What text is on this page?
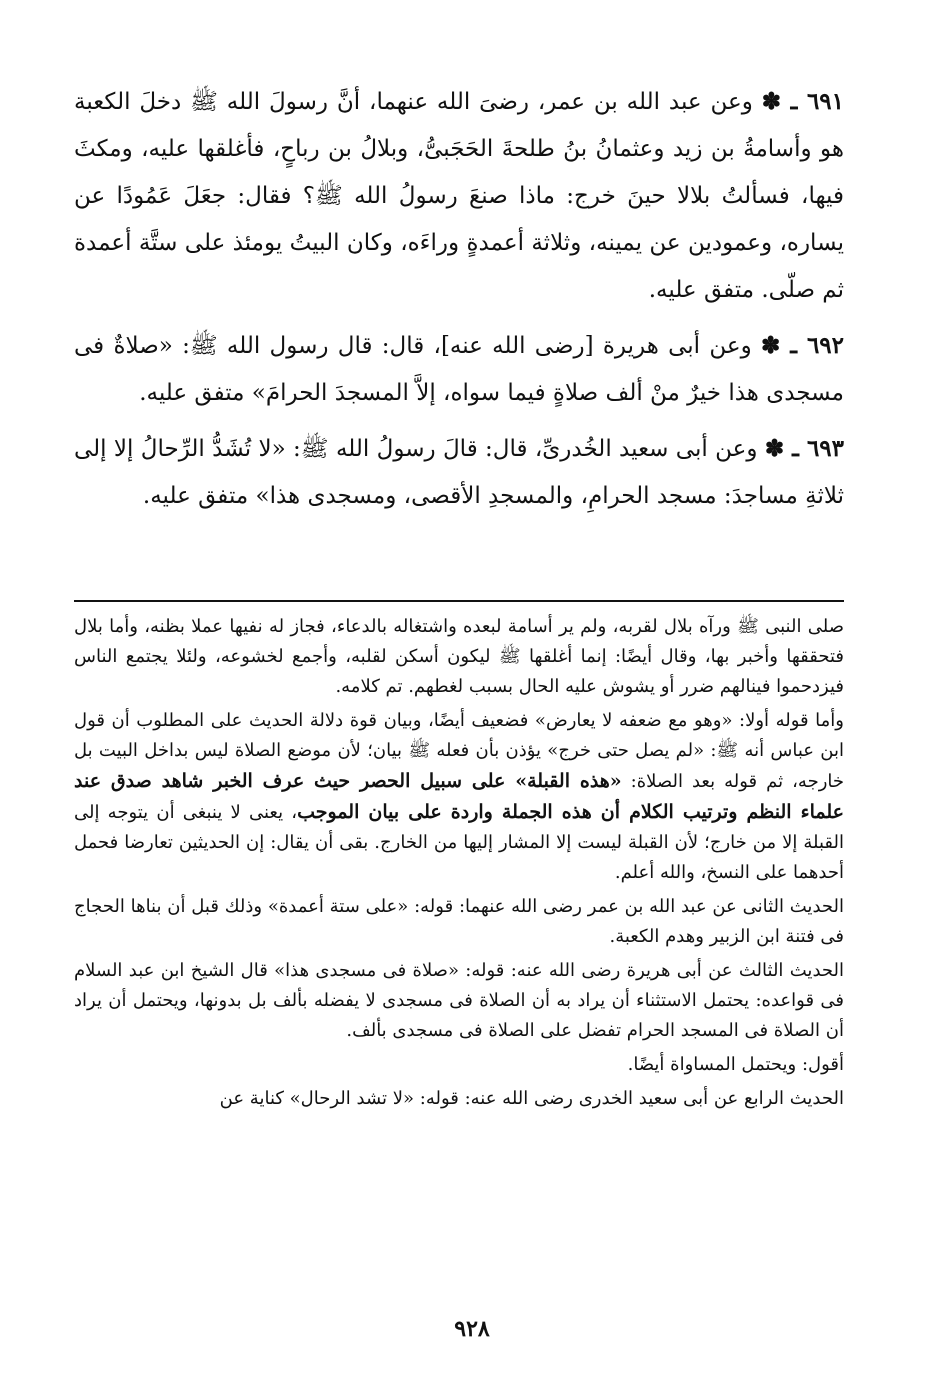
٦٩١ ـ ✽ وعن عبد الله بن عمر، رضىَ الله عنهما، أنَّ رسولَ الله ﷺ دخلَ الكعبة هو وأسامةُ بن زيد وعثمانُ بنُ طلحةَ الحَجَبىُّ، وبلالُ بن رباحٍ، فأغلقها عليه، ومكثَ فيها، فسألتُ بلالا حينَ خرج: ماذا صنعَ رسولُ الله ﷺ؟ فقال: جعَلَ عَمُودًا عن يساره، وعمودين عن يمينه، وثلاثة أعمدةٍ وراءَه، وكان البيتُ يومئذ على ستَّة أعمدة ثم صلّى. متفق عليه.

٦٩٢ ـ ✽ وعن أبى هريرة [رضى الله عنه]، قال: قال رسول الله ﷺ: «صلاةٌ فى مسجدى هذا خيرٌ منْ ألف صلاةٍ فيما سواه، إلاَّ المسجدَ الحرامَ» متفق عليه.

٦٩٣ ـ ✽ وعن أبى سعيد الخُدرىِّ، قال: قالَ رسولُ الله ﷺ: «لا تُشَدُّ الرِّحالُ إلا إلى ثلاثةِ مساجدَ: مسجد الحرامِ، والمسجدِ الأقصى، ومسجدى هذا» متفق عليه.

صلى النبى ﷺ ورآه بلال لقربه، ولم ير أسامة لبعده واشتغاله بالدعاء، فجاز له نفيها عملا بظنه، وأما بلال فتحققها وأخبر بها، وقال أيضًا: إنما أغلقها ﷺ ليكون أسكن لقلبه، وأجمع لخشوعه، ولئلا يجتمع الناس فيزدحموا فينالهم ضرر أو يشوش عليه الحال بسبب لغطهم. تم كلامه.

وأما قوله أولا: «وهو مع ضعفه لا يعارض» فضعيف أيضًا، وبيان قوة دلالة الحديث على المطلوب أن قول ابن عباس أنه ﷺ: «لم يصل حتى خرج» يؤذن بأن فعله ﷺ بيان؛ لأن موضع الصلاة ليس بداخل البيت بل خارجه، ثم قوله بعد الصلاة: «هذه القبلة» على سبيل الحصر حيث عرف الخبر شاهد صدق عند علماء النظم وترتيب الكلام أن هذه الجملة واردة على بيان الموجب، يعنى لا ينبغى أن يتوجه إلى القبلة إلا من خارج؛ لأن القبلة ليست إلا المشار إليها من الخارج. بقى أن يقال: إن الحديثين تعارضا فحمل أحدهما على النسخ، والله أعلم.

الحديث الثانى عن عبد الله بن عمر رضى الله عنهما: قوله: «على ستة أعمدة» وذلك قبل أن بناها الحجاج فى فتنة ابن الزبير وهدم الكعبة.

الحديث الثالث عن أبى هريرة رضى الله عنه: قوله: «صلاة فى مسجدى هذا» قال الشيخ ابن عبد السلام فى قواعده: يحتمل الاستثناء أن يراد به أن الصلاة فى مسجدى لا يفضله بألف بل بدونها، ويحتمل أن يراد أن الصلاة فى المسجد الحرام تفضل على الصلاة فى مسجدى بألف.

أقول: ويحتمل المساواة أيضًا.

الحديث الرابع عن أبى سعيد الخدرى رضى الله عنه: قوله: «لا تشد الرحال» كناية عن

٩٢٨
